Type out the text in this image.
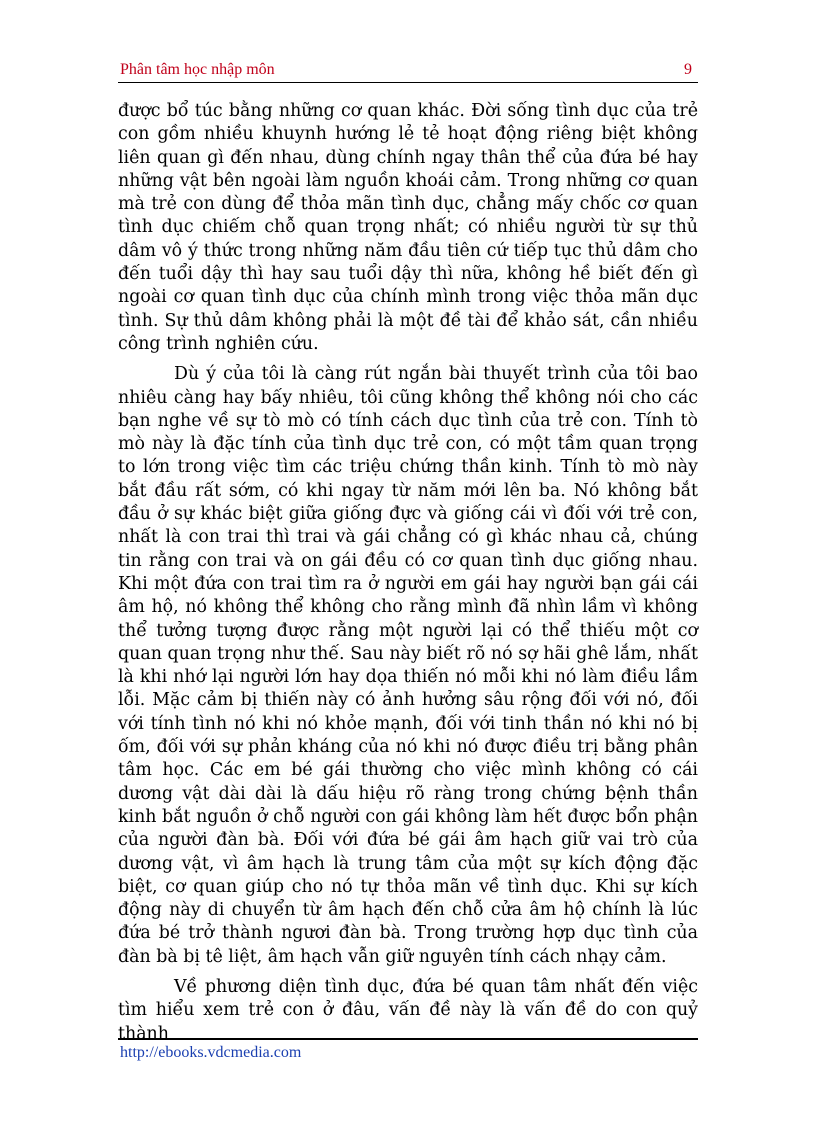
Phân tâm học nhập môn	9

được bổ túc bằng những cơ quan khác. Đời sống tình dục của trẻ con gồm nhiều khuynh hướng lẻ tẻ hoạt động riêng biệt không liên quan gì đến nhau, dùng chính ngay thân thể của đứa bé hay những vật bên ngoài làm nguồn khoái cảm. Trong những cơ quan mà trẻ con dùng để thỏa mãn tình dục, chẳng mấy chốc cơ quan tình dục chiếm chỗ quan trọng nhất; có nhiều người từ sự thủ dâm vô ý thức trong những năm đầu tiên cứ tiếp tục thủ dâm cho đến tuổi dậy thì hay sau tuổi dậy thì nữa, không hề biết đến gì ngoài cơ quan tình dục của chính mình trong việc thỏa mãn dục tình. Sự thủ dâm không phải là một đề tài để khảo sát, cần nhiều công trình nghiên cứu.

Dù ý của tôi là càng rút ngắn bài thuyết trình của tôi bao nhiêu càng hay bấy nhiêu, tôi cũng không thể không nói cho các bạn nghe về sự tò mò có tính cách dục tình của trẻ con. Tính tò mò này là đặc tính của tình dục trẻ con, có một tầm quan trọng to lớn trong việc tìm các triệu chứng thần kinh. Tính tò mò này bắt đầu rất sớm, có khi ngay từ năm mới lên ba. Nó không bắt đầu ở sự khác biệt giữa giống đực và giống cái vì đối với trẻ con, nhất là con trai thì trai và gái chẳng có gì khác nhau cả, chúng tin rằng con trai và on gái đều có cơ quan tình dục giống nhau. Khi một đứa con trai tìm ra ở người em gái hay người bạn gái cái âm hộ, nó không thể không cho rằng mình đã nhìn lầm vì không thể tưởng tượng được rằng một người lại có thể thiếu một cơ quan quan trọng như thế. Sau này biết rõ nó sợ hãi ghê lắm, nhất là khi nhớ lại người lớn hay dọa thiến nó mỗi khi nó làm điều lầm lỗi. Mặc cảm bị thiến này có ảnh hưởng sâu rộng đối với nó, đối với tính tình nó khi nó khỏe mạnh, đối với tinh thần nó khi nó bị ốm, đối với sự phản kháng của nó khi nó được điều trị bằng phân tâm học. Các em bé gái thường cho việc mình không có cái dương vật dài dài là dấu hiệu rõ ràng trong chứng bệnh thần kinh bắt nguồn ở chỗ người con gái không làm hết được bổn phận của người đàn bà. Đối với đứa bé gái âm hạch giữ vai trò của dương vật, vì âm hạch là trung tâm của một sự kích động đặc biệt, cơ quan giúp cho nó tự thỏa mãn về tình dục. Khi sự kích động này di chuyển từ âm hạch đến chỗ cửa âm hộ chính là lúc đứa bé trở thành ngươi đàn bà. Trong trường hợp dục tình của đàn bà bị tê liệt, âm hạch vẫn giữ nguyên tính cách nhạy cảm.

Về phương diện tình dục, đứa bé quan tâm nhất đến việc tìm hiểu xem trẻ con ở đâu, vấn đề này là vấn đề do con quỷ thành

http://ebooks.vdcmedia.com
